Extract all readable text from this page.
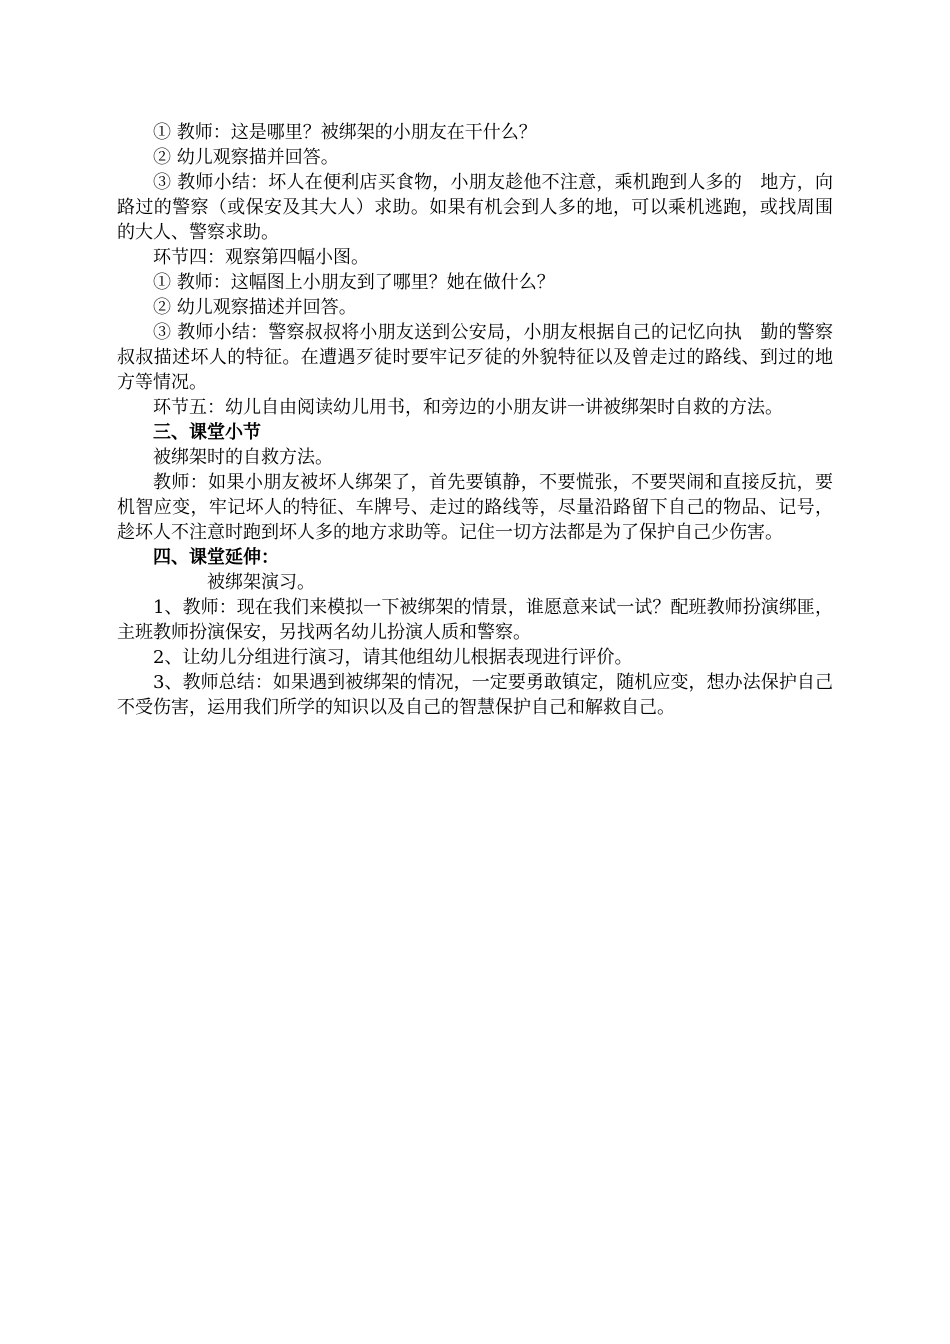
① 教师：这是哪里？被绑架的小朋友在干什么？

② 幼儿观察描并回答。

③ 教师小结：坏人在便利店买食物，小朋友趁他不注意，乘机跑到人多的　地方，向路过的警察（或保安及其大人）求助。如果有机会到人多的地，可以乘机逃跑，或找周围的大人、警察求助。

环节四：观察第四幅小图。

① 教师：这幅图上小朋友到了哪里？她在做什么？

② 幼儿观察描述并回答。

③ 教师小结：警察叔叔将小朋友送到公安局，小朋友根据自己的记忆向执　勤的警察叔叔描述坏人的特征。在遭遇歹徒时要牢记歹徒的外貌特征以及曾走过的路线、到过的地方等情况。

环节五：幼儿自由阅读幼儿用书，和旁边的小朋友讲一讲被绑架时自救的方法。

三、课堂小节

被绑架时的自救方法。

教师：如果小朋友被坏人绑架了，首先要镇静，不要慌张，不要哭闹和直接反抗，要机智应变，牢记坏人的特征、车牌号、走过的路线等，尽量沿路留下自己的物品、记号，趁坏人不注意时跑到坏人多的地方求助等。记住一切方法都是为了保护自己少伤害。

四、课堂延伸：

被绑架演习。

1、教师：现在我们来模拟一下被绑架的情景，谁愿意来试一试？配班教师扮演绑匪，主班教师扮演保安，另找两名幼儿扮演人质和警察。

2、让幼儿分组进行演习，请其他组幼儿根据表现进行评价。

3、教师总结：如果遇到被绑架的情况，一定要勇敢镇定，随机应变，想办法保护自己不受伤害，运用我们所学的知识以及自己的智慧保护自己和解救自己。
